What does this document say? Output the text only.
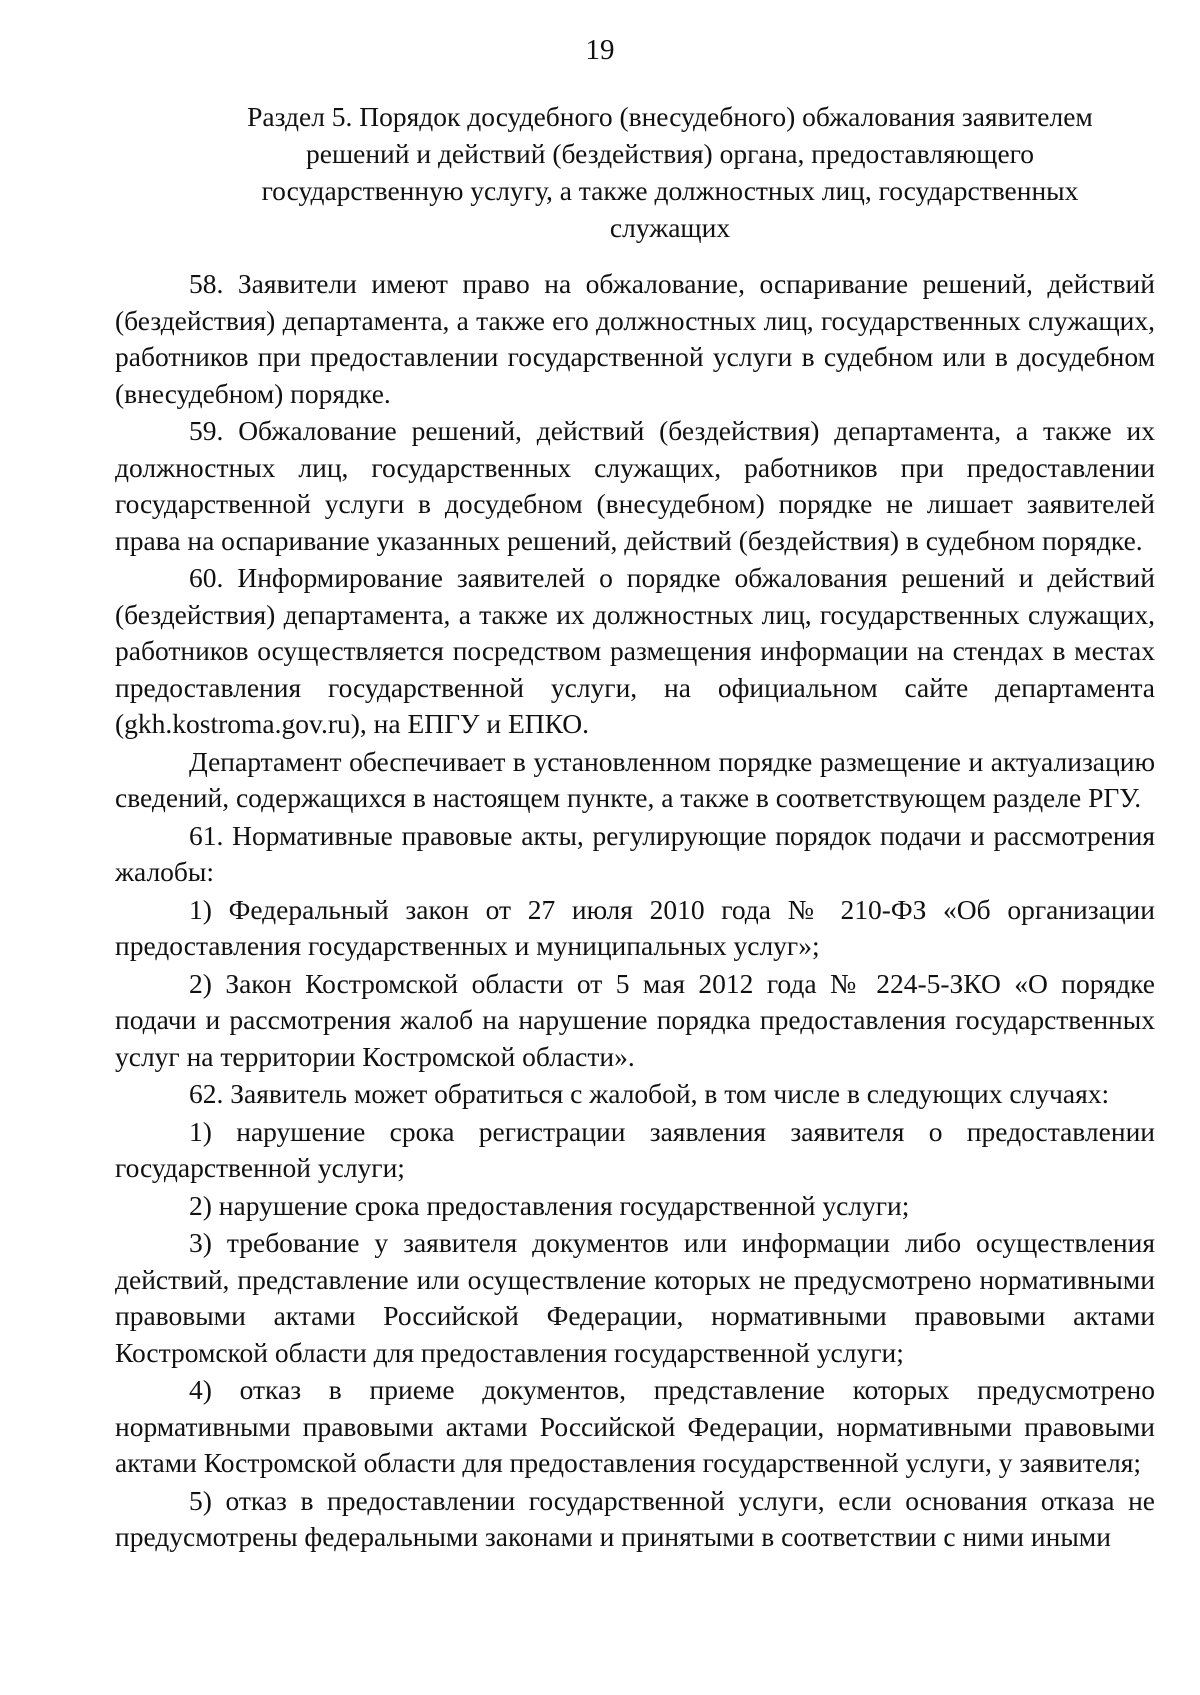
19
Раздел 5. Порядок досудебного (внесудебного) обжалования заявителем решений и действий (бездействия) органа, предоставляющего государственную услугу, а также должностных лиц, государственных служащих

58. Заявители имеют право на обжалование, оспаривание решений, действий (бездействия) департамента, а также его должностных лиц, государственных служащих, работников при предоставлении государственной услуги в судебном или в досудебном (внесудебном) порядке.

59. Обжалование решений, действий (бездействия) департамента, а также их должностных лиц, государственных служащих, работников при предоставлении государственной услуги в досудебном (внесудебном) порядке не лишает заявителей права на оспаривание указанных решений, действий (бездействия) в судебном порядке.

60. Информирование заявителей о порядке обжалования решений и действий (бездействия) департамента, а также их должностных лиц, государственных служащих, работников осуществляется посредством размещения информации на стендах в местах предоставления государственной услуги, на официальном сайте департамента (gkh.kostroma.gov.ru), на ЕПГУ и ЕПКО.

Департамент обеспечивает в установленном порядке размещение и актуализацию сведений, содержащихся в настоящем пункте, а также в соответствующем разделе РГУ.

61. Нормативные правовые акты, регулирующие порядок подачи и рассмотрения жалобы:

1) Федеральный закон от 27 июля 2010 года № 210-ФЗ «Об организации предоставления государственных и муниципальных услуг»;

2) Закон Костромской области от 5 мая 2012 года № 224-5-ЗКО «О порядке подачи и рассмотрения жалоб на нарушение порядка предоставления государственных услуг на территории Костромской области».

62. Заявитель может обратиться с жалобой, в том числе в следующих случаях:

1) нарушение срока регистрации заявления заявителя о предоставлении государственной услуги;

2) нарушение срока предоставления государственной услуги;

3) требование у заявителя документов или информации либо осуществления действий, представление или осуществление которых не предусмотрено нормативными правовыми актами Российской Федерации, нормативными правовыми актами Костромской области для предоставления государственной услуги;

4) отказ в приеме документов, представление которых предусмотрено нормативными правовыми актами Российской Федерации, нормативными правовыми актами Костромской области для предоставления государственной услуги, у заявителя;

5) отказ в предоставлении государственной услуги, если основания отказа не предусмотрены федеральными законами и принятыми в соответствии с ними иными
